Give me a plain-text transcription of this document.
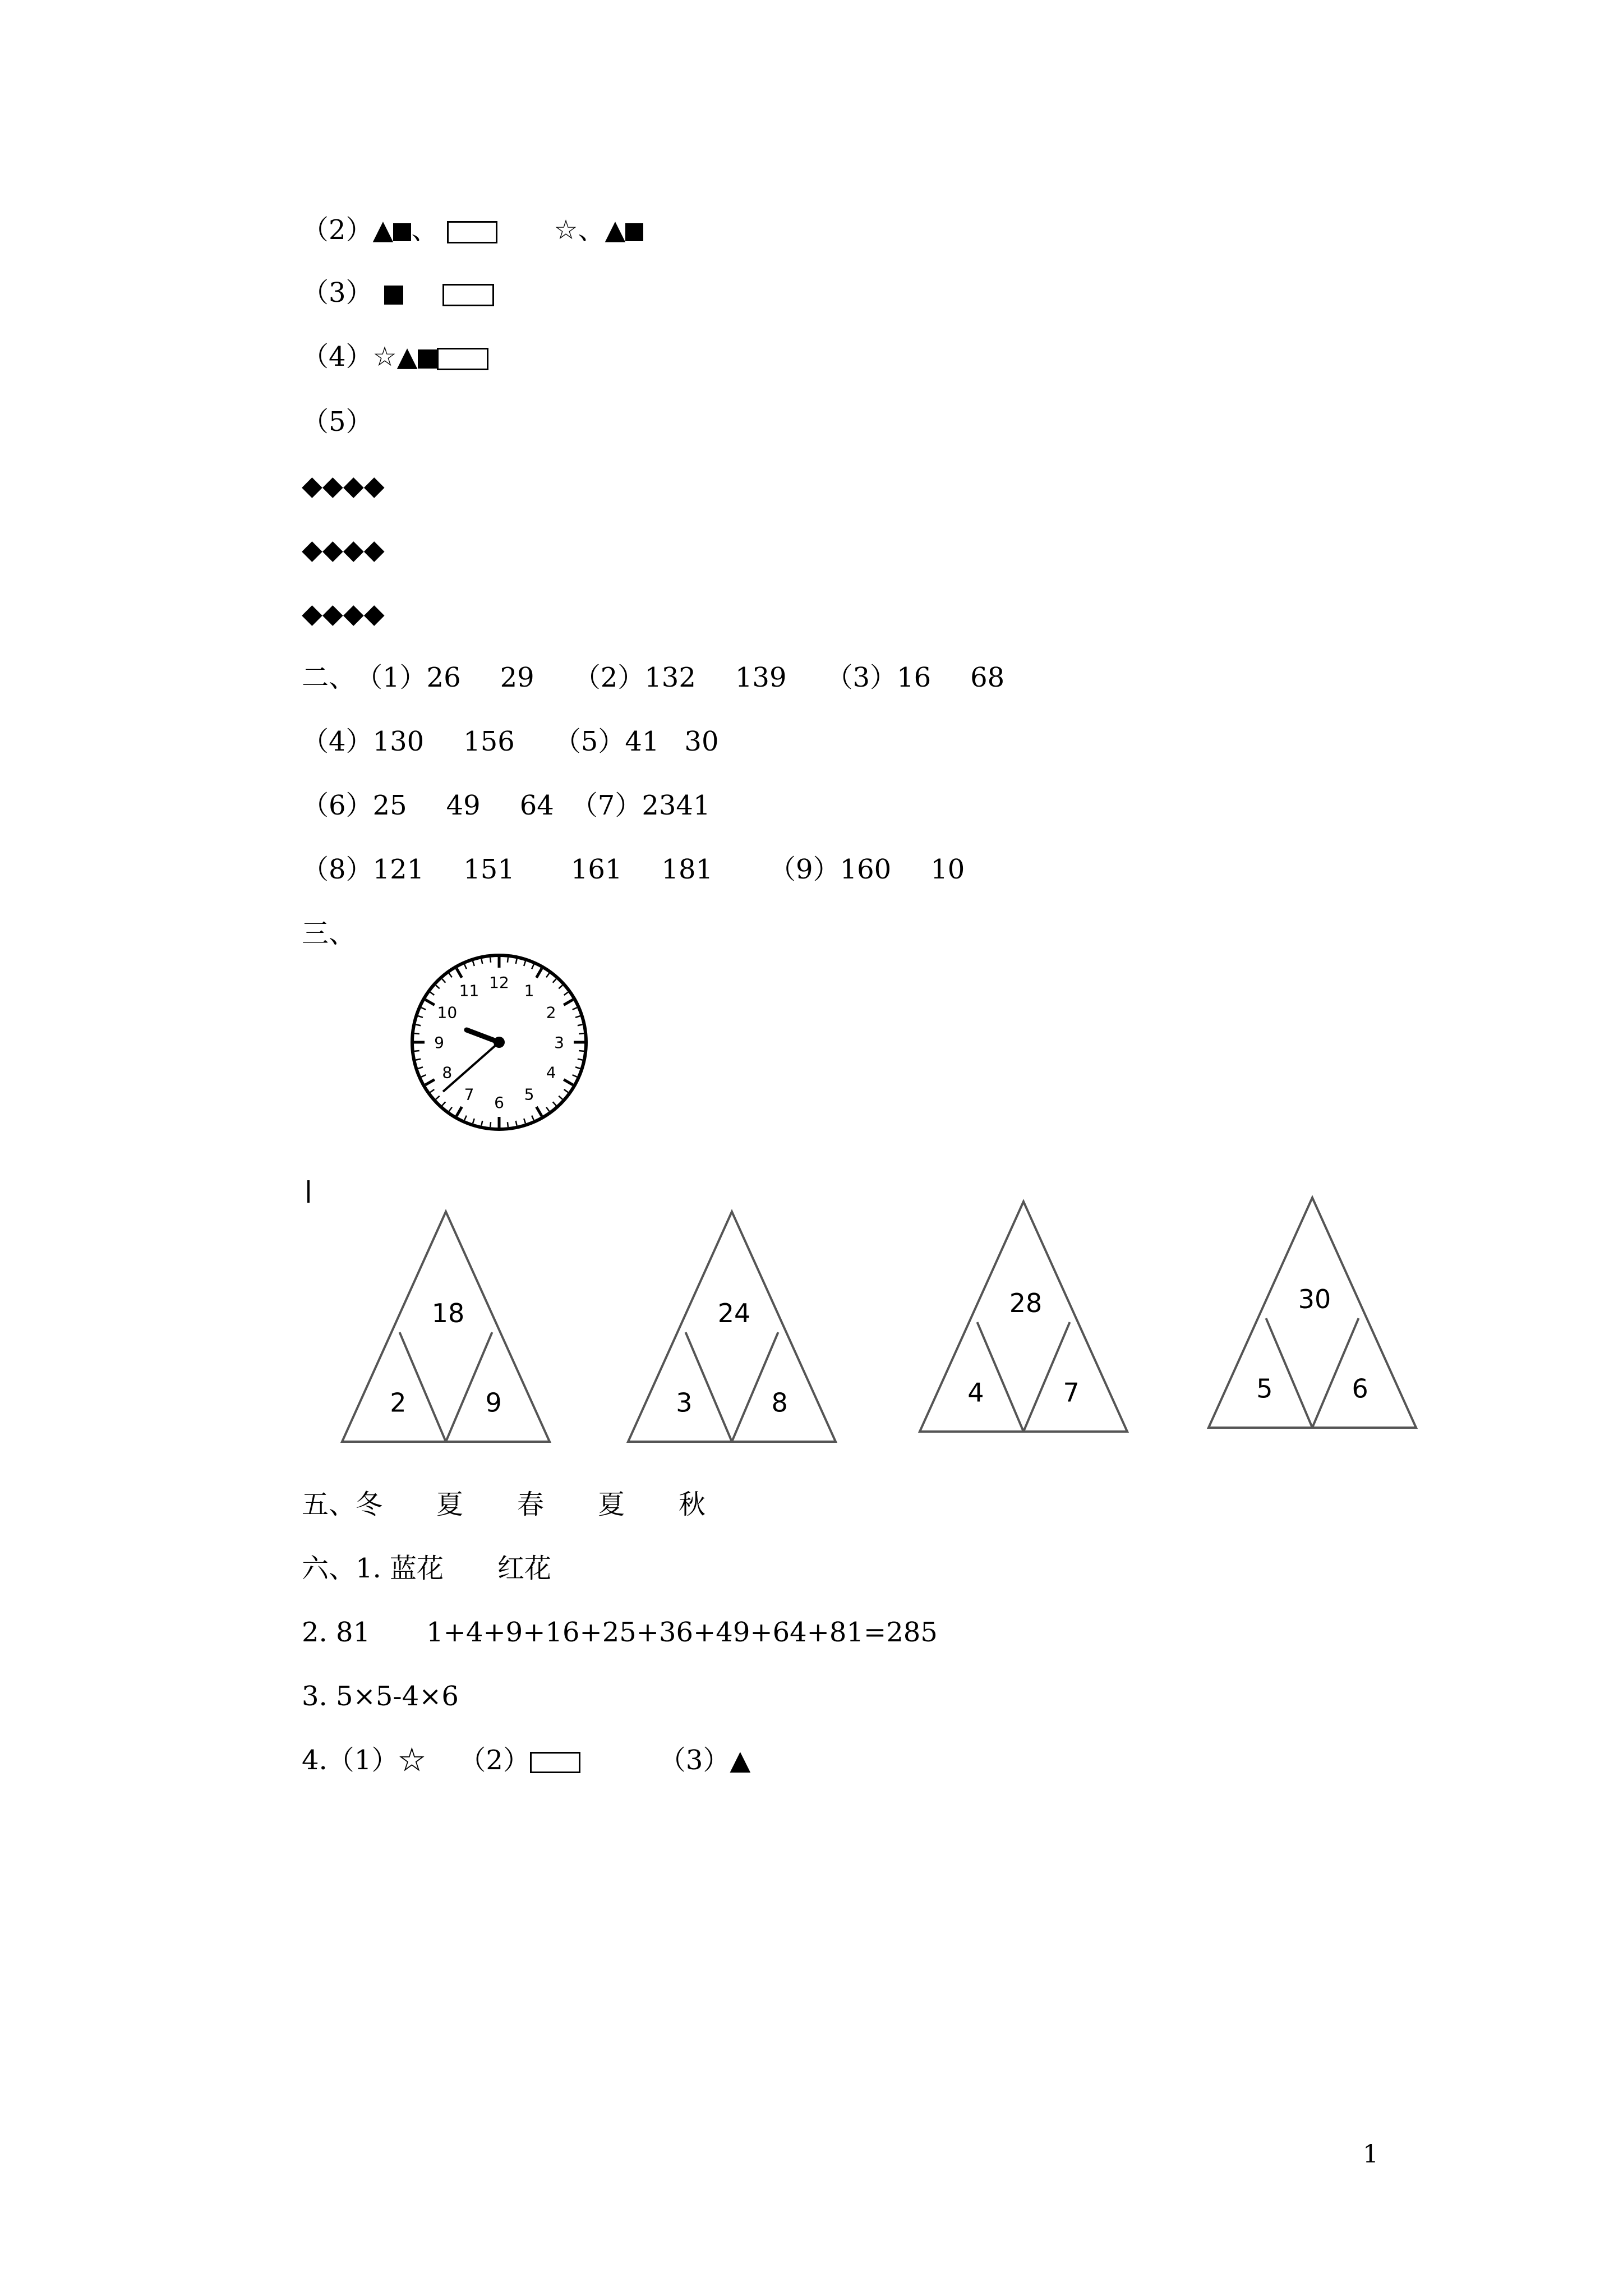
（2）▲ 、	☆、▲
（3）
（4）☆▲
（5）
◆◆◆◆
◆◆◆◆
◆◆◆◆
二、（1）26 29 （2）132 139 （3）16 68
（4）130 156 （5）41 30
（6）25 49 64 （7）2341
（8）121 151 161 181 （9）160 10
三、
12 1
2
3
4
5
6
7
8
9
10
11
18
2	9
24
3	8
28
4	7
30
5	6
五、冬　　夏　　春　　夏　　秋
六、1. 蓝花　　红花
2. 81 1+4+9+16+25+36+49+64+81=285
3. 5×5-4×6
4.（1）☆ （2）	（3）▲
1
